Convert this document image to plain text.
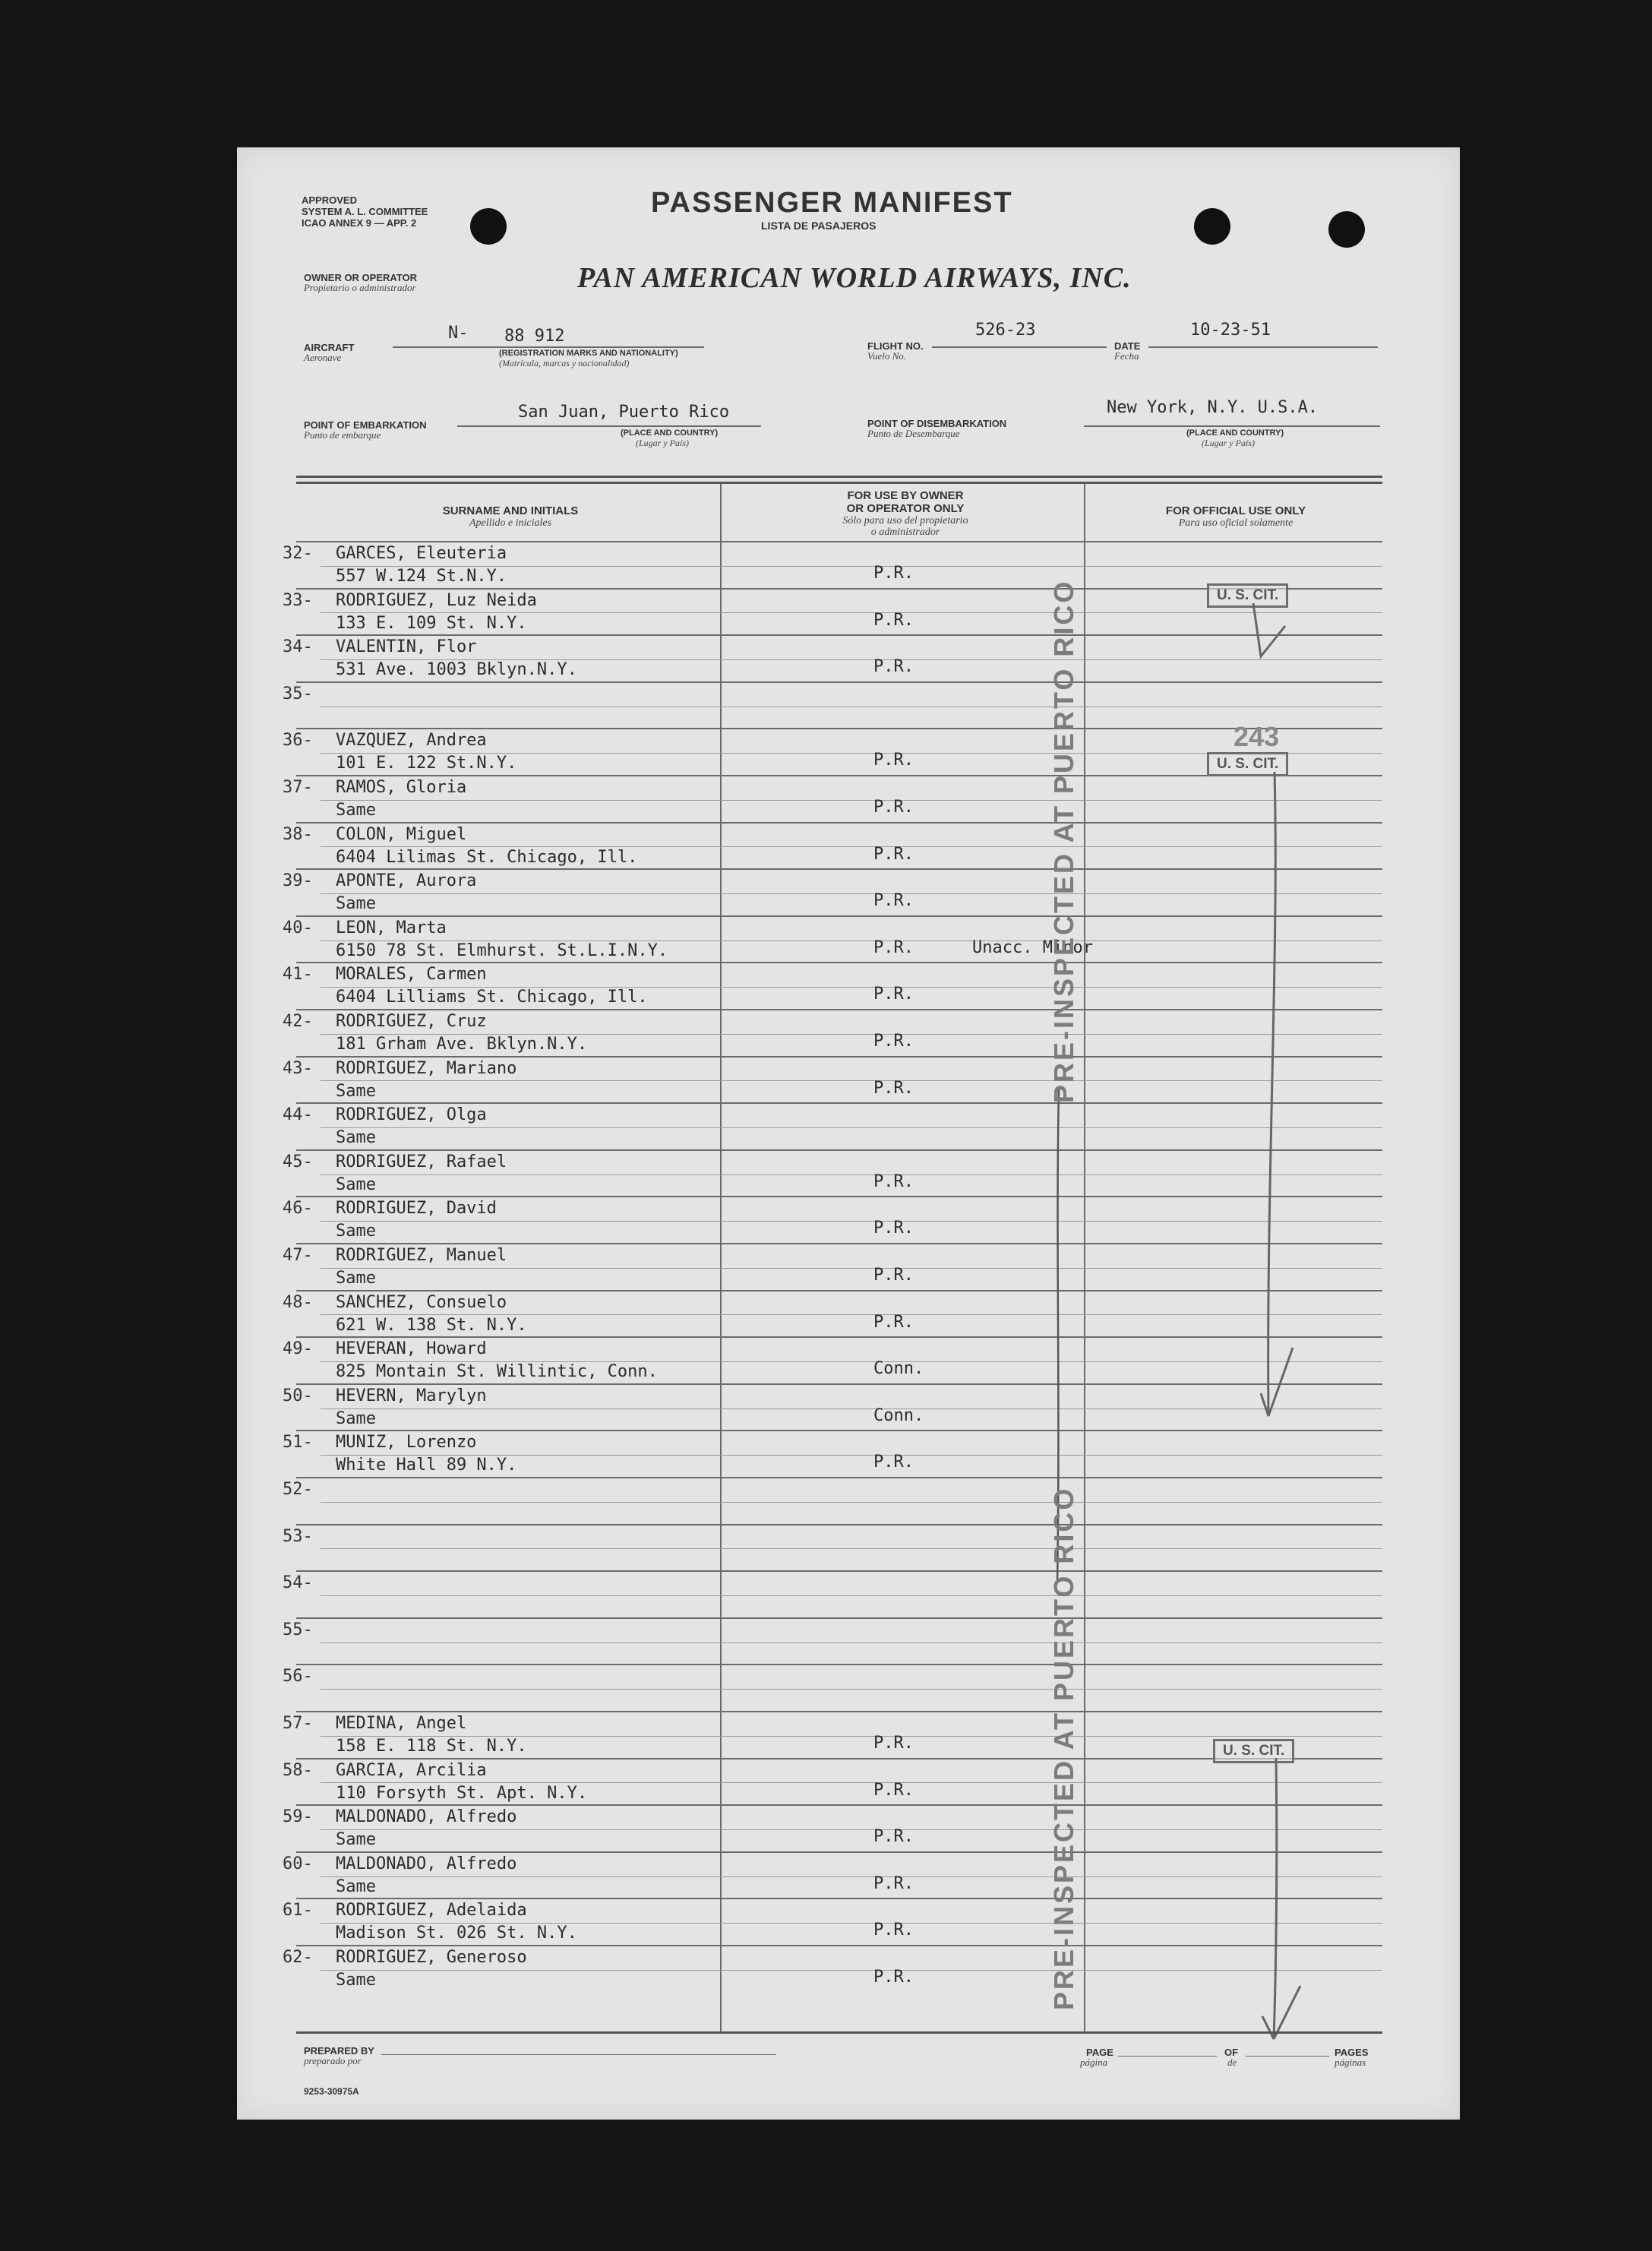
APPROVED
SYSTEM A. L. COMMITTEE
ICAO ANNEX 9 — APP. 2
PASSENGER MANIFEST
LISTA DE PASAJEROS
OWNER OR OPERATOR
Propietario o administrador	PAN AMERICAN WORLD AIRWAYS, INC.
AIRCRAFT
Aeronave
N- 88 912
(REGISTRATION MARKS AND NATIONALITY)
(Matrícula, marcas y nacionalidad)
FLIGHT NO.
Vuelo No.
526-23
DATE
Fecha
10-23-51
POINT OF EMBARKATION
Punto de embarque
San Juan, Puerto Rico
(PLACE AND COUNTRY)
(Lugar y País)
POINT OF DISEMBARKATION
Punto de Desembarque
New York, N.Y. U.S.A.
(PLACE AND COUNTRY)
(Lugar y País)
SURNAME AND INITIALS
Apellido e iniciales
FOR USE BY OWNER
OR OPERATOR ONLY
Sólo para uso del propietario
o administrador
FOR OFFICIAL USE ONLY
Para uso oficial solamente
32- GARCES, Eleuteria
557 W.124 St.N.Y.	P.R.
33- RODRIGUEZ, Luz Neida
133 E. 109 St. N.Y.	P.R.
34- VALENTIN, Flor
531 Ave. 1003 Bklyn.N.Y.	P.R.
35-
36- VAZQUEZ, Andrea
101 E. 122 St.N.Y.	P.R.
37- RAMOS, Gloria
Same	P.R.
38- COLON, Miguel
6404 Lilimas St. Chicago, Ill.	P.R.
39- APONTE, Aurora
Same	P.R.
40- LEON, Marta
6150 78 St. Elmhurst. St.L.I.N.Y.	P.R.	Unacc. Minor
41- MORALES, Carmen
6404 Lilliams St. Chicago, Ill.	P.R.
42- RODRIGUEZ, Cruz
181 Grham Ave. Bklyn.N.Y.	P.R.
43- RODRIGUEZ, Mariano
Same	P.R.
44- RODRIGUEZ, Olga
Same
45- RODRIGUEZ, Rafael
Same	P.R.
46- RODRIGUEZ, David
Same	P.R.
47- RODRIGUEZ, Manuel
Same	P.R.
48- SANCHEZ, Consuelo
621 W. 138 St. N.Y.	P.R.
49- HEVERAN, Howard
825 Montain St. Willintic, Conn.	Conn.
50- HEVERN, Marylyn
Same	Conn.
51- MUNIZ, Lorenzo
White Hall 89 N.Y.	P.R.
52-
53-
54-
55-
56-
57- MEDINA, Angel
158 E. 118 St. N.Y.	P.R.
58- GARCIA, Arcilia
110 Forsyth St. Apt. N.Y.	P.R.
59- MALDONADO, Alfredo
Same	P.R.
60- MALDONADO, Alfredo
Same	P.R.
61- RODRIGUEZ, Adelaida
Madison St. 026 St. N.Y.	P.R.
62- RODRIGUEZ, Generoso
Same	P.R.
U. S. CIT.
243
U. S. CIT.
U. S. CIT.
PRE-INSPECTED AT PUERTO RICO
PRE-INSPECTED AT PUERTO RICO
PREPARED BY
preparado por
PAGE
página
OF
de
PAGES
páginas
9253-30975A
